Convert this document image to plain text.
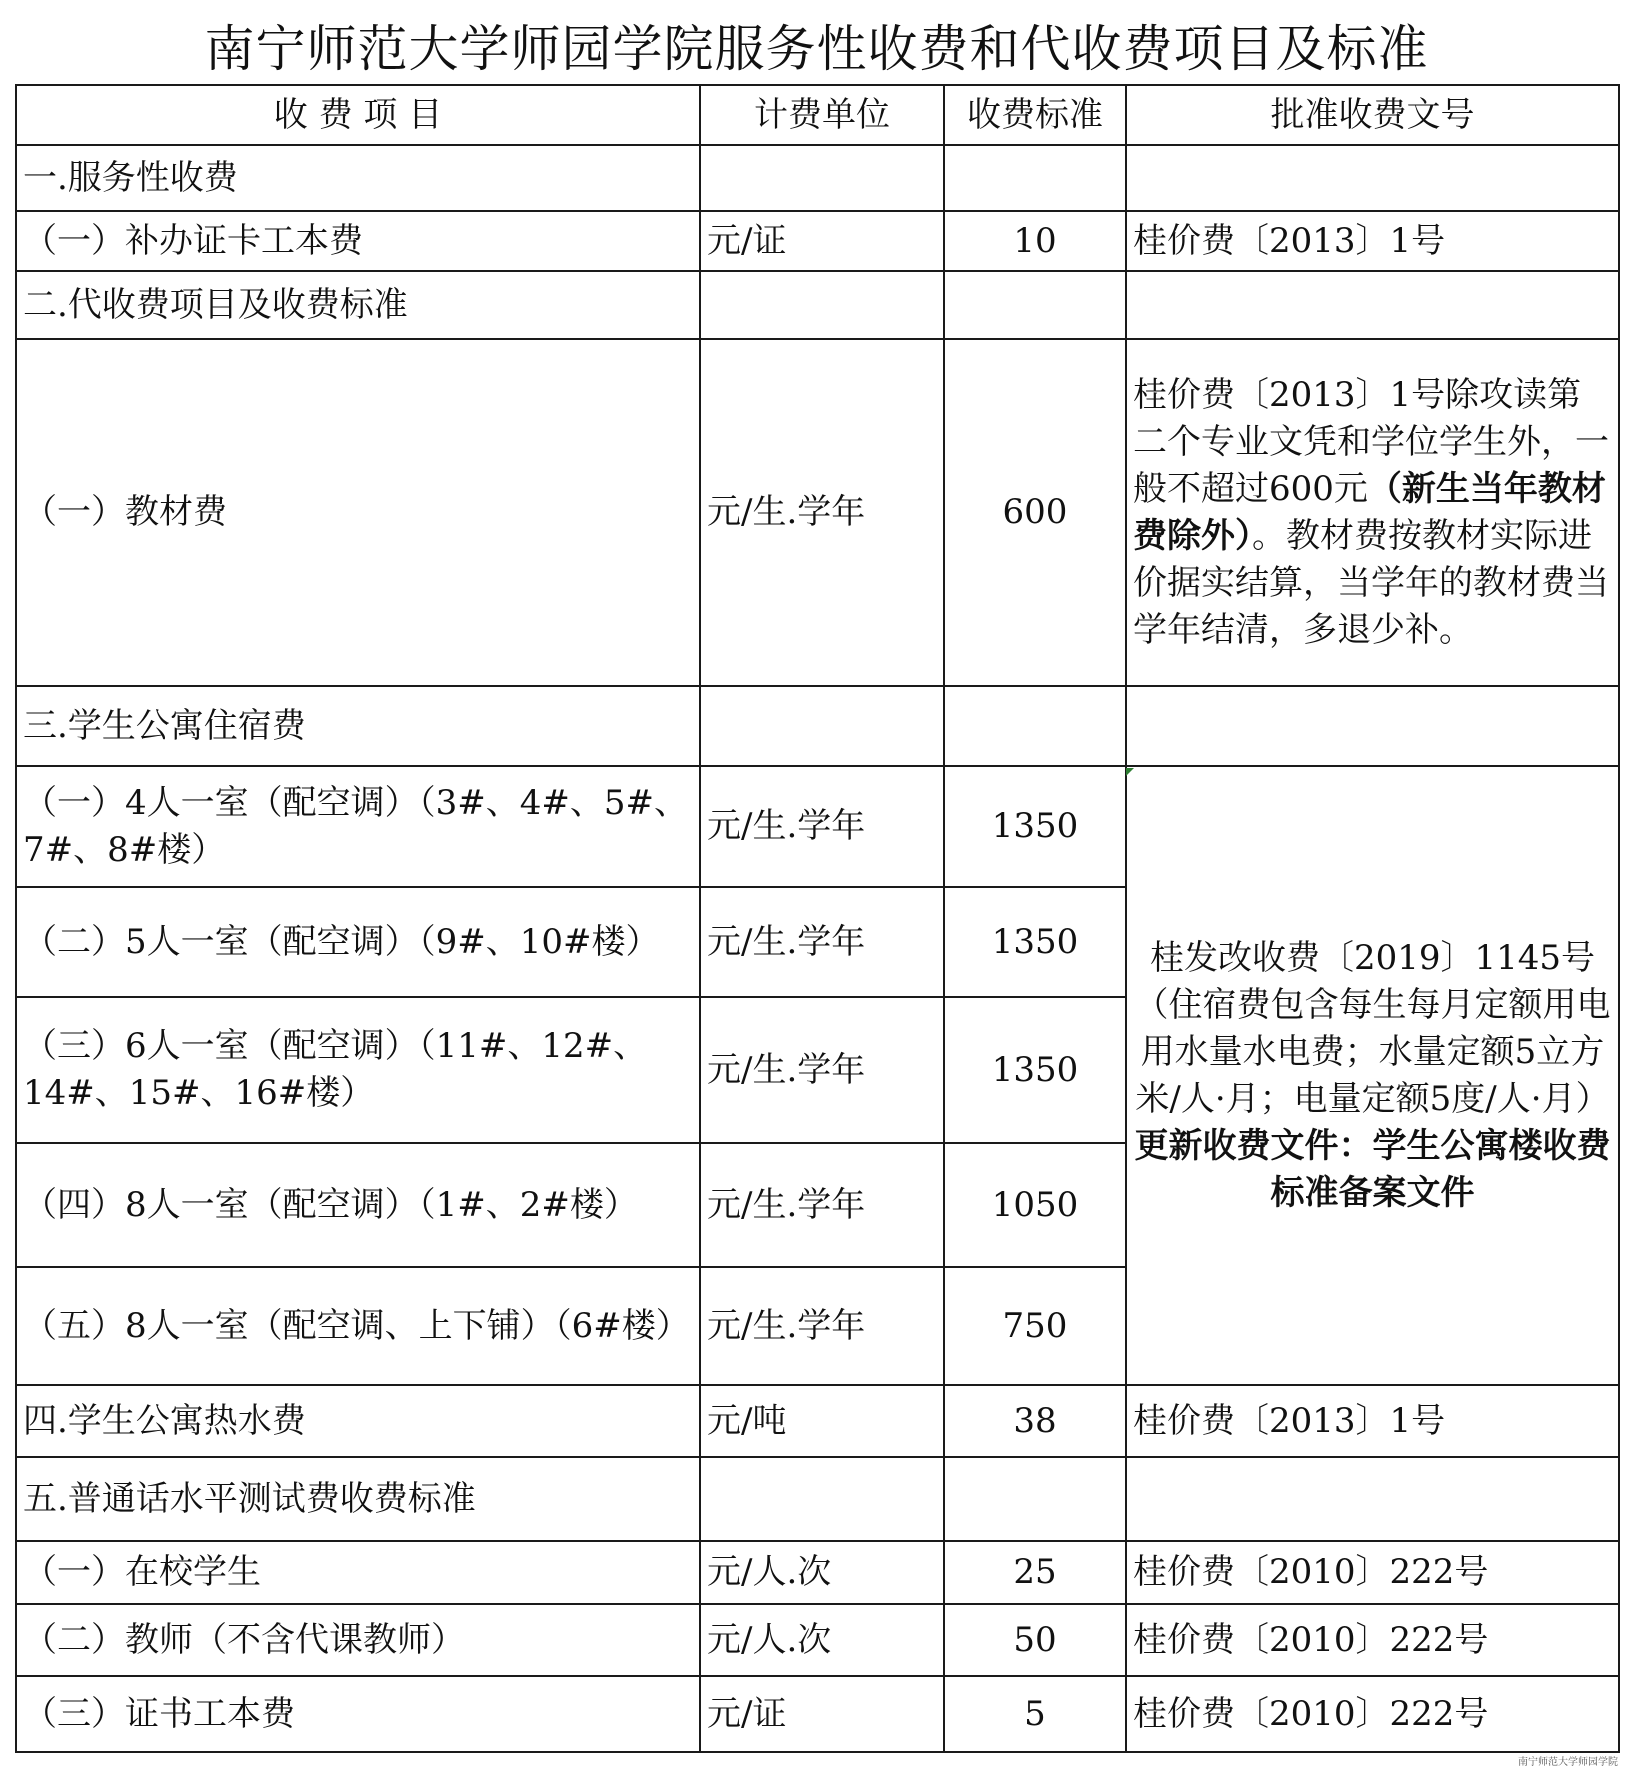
南宁师范大学师园学院服务性收费和代收费项目及标准
收 费 项 目	计费单位	收费标准	批准收费文号
一.服务性收费			
（一）补办证卡工本费	元/证	10	桂价费〔2013〕1号
二.代收费项目及收费标准			
（一）教材费	元/生.学年	600	桂价费〔2013〕1号除攻读第二个专业文凭和学位学生外，一般不超过600元（新生当年教材费除外）。教材费按教材实际进价据实结算，当学年的教材费当学年结清，多退少补。
三.学生公寓住宿费			
（一）4人一室（配空调）（3#、4#、5#、7#、8#楼）	元/生.学年	1350	桂发改收费〔2019〕1145号（住宿费包含每生每月定额用电用水量水电费；水量定额5立方米/人·月；电量定额5度/人·月）
更新收费文件：学生公寓楼收费标准备案文件
（二）5人一室（配空调）（9#、10#楼）	元/生.学年	1350	
（三）6人一室（配空调）（11#、12#、14#、15#、16#楼）	元/生.学年	1350	
（四）8人一室（配空调）（1#、2#楼）	元/生.学年	1050	
（五）8人一室（配空调、上下铺）（6#楼）	元/生.学年	750	
四.学生公寓热水费	元/吨	38	桂价费〔2013〕1号
五.普通话水平测试费收费标准			
（一）在校学生	元/人.次	25	桂价费〔2010〕222号
（二）教师（不含代课教师）	元/人.次	50	桂价费〔2010〕222号
（三）证书工本费	元/证	5	桂价费〔2010〕222号
南宁师范大学师园学院
